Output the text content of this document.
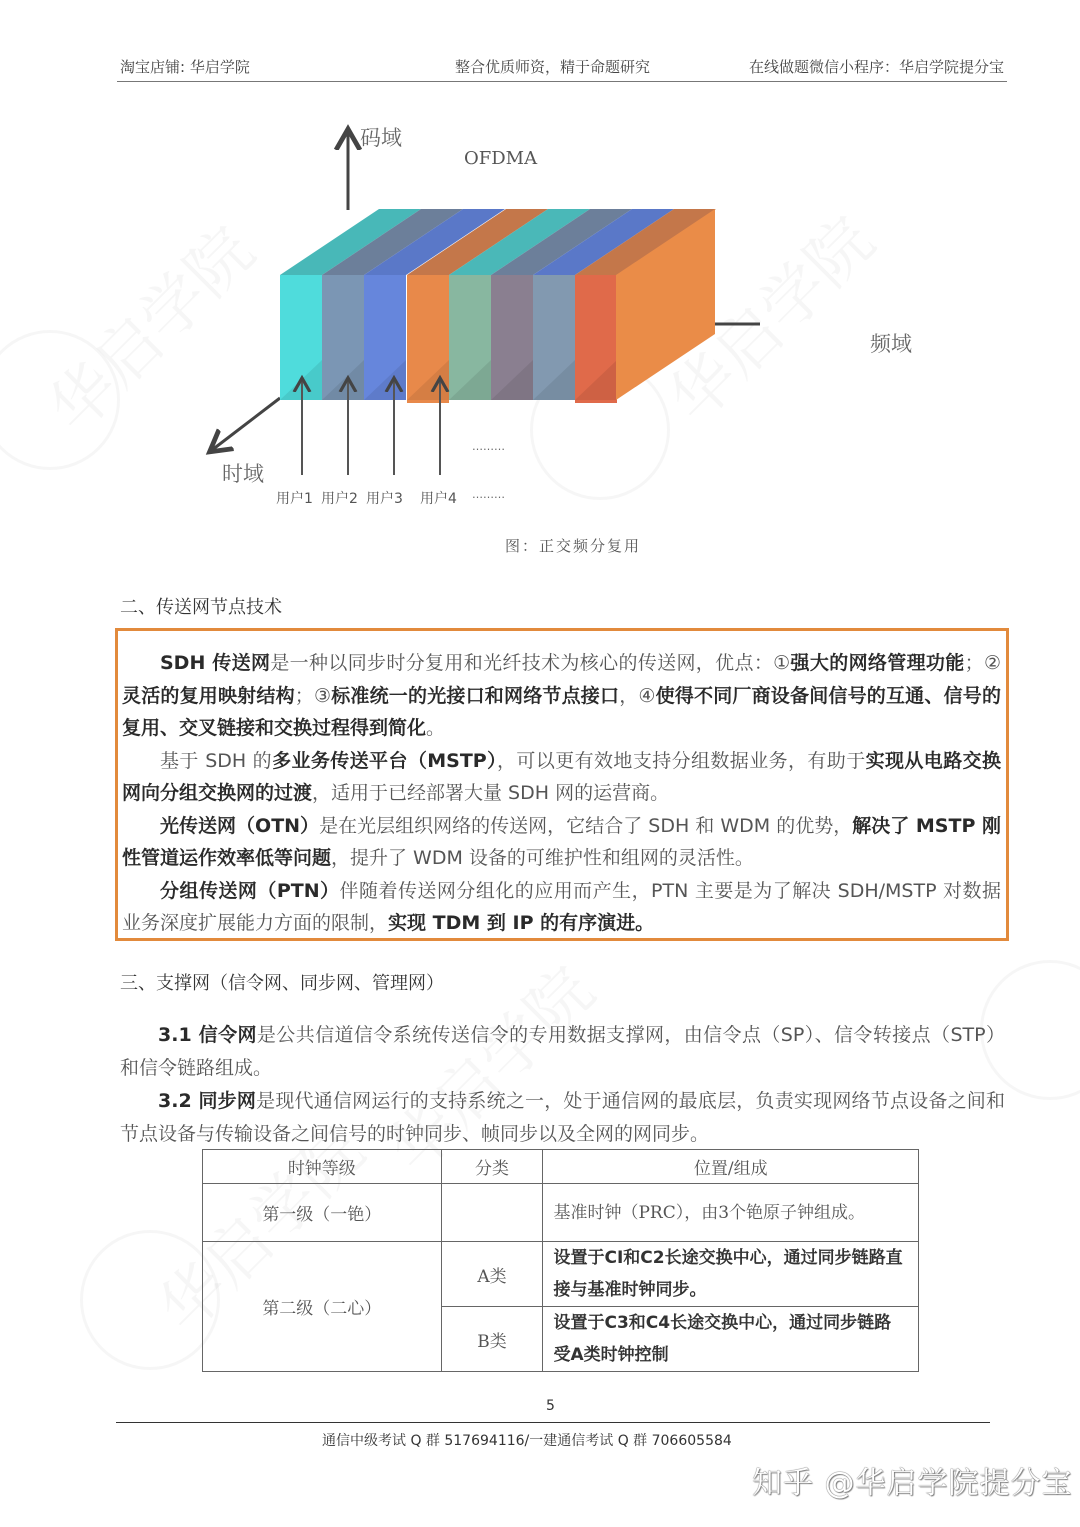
淘宝店铺: 华启学院	整合优质师资，精于命题研究	在线做题微信小程序：华启学院提分宝
码域
OFDMA
频域
时域
用户1 用户2 用户3 用户4
………
………
图：正交频分复用
二、传送网节点技术

SDH 传送网是一种以同步时分复用和光纤技术为核心的传送网，优点：①强大的网络管理功能；②灵活的复用映射结构；③标准统一的光接口和网络节点接口，④使得不同厂商设备间信号的互通、信号的复用、交叉链接和交换过程得到简化。

基于 SDH 的多业务传送平台（MSTP），可以更有效地支持分组数据业务，有助于实现从电路交换网向分组交换网的过渡，适用于已经部署大量 SDH 网的运营商。

光传送网（OTN）是在光层组织网络的传送网，它结合了 SDH 和 WDM 的优势，解决了 MSTP 刚性管道运作效率低等问题，提升了 WDM 设备的可维护性和组网的灵活性。

分组传送网（PTN）伴随着传送网分组化的应用而产生，PTN 主要是为了解决 SDH/MSTP 对数据业务深度扩展能力方面的限制，实现 TDM 到 IP 的有序演进。

三、支撑网（信令网、同步网、管理网）

3.1 信令网是公共信道信令系统传送信令的专用数据支撑网，由信令点（SP）、信令转接点（STP）和信令链路组成。

3.2 同步网是现代通信网运行的支持系统之一，处于通信网的最底层，负责实现网络节点设备之间和节点设备与传输设备之间信号的时钟同步、帧同步以及全网的网同步。

时钟等级	分类	位置/组成
第一级（一铯）		基准时钟（PRC），由3个铯原子钟组成。
第二级（二心）	A类	设置于CI和C2长途交换中心，通过同步链路直接与基准时钟同步。
	B类	设置于C3和C4长途交换中心，通过同步链路受A类时钟控制
5
通信中级考试 Q 群 517694116/一建通信考试 Q 群 706605584
知乎 @华启学院提分宝
